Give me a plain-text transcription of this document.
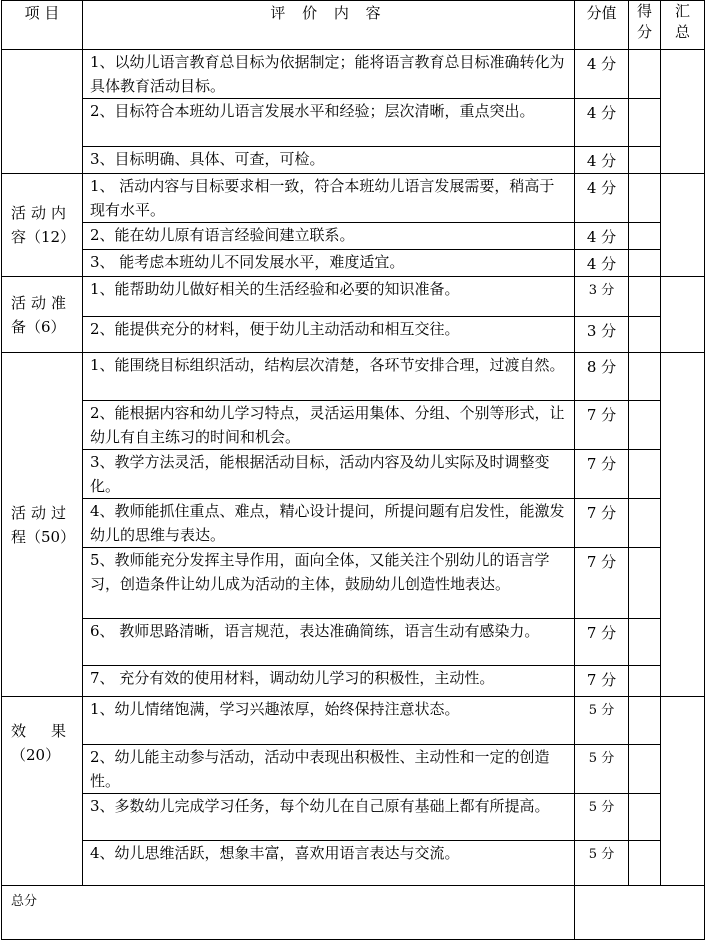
项 目	评 价 内 容	分值	得
分	汇
总

	1、以幼儿语言教育总目标为依据制定；能将语言教育总目标准确转化为具体教育活动目标。	4 分		
	2、目标符合本班幼儿语言发展水平和经验；层次清晰，重点突出。	4 分		
	3、目标明确、具体、可查，可检。	4 分		

活动内
容（12）	1、 活动内容与目标要求相一致，符合本班幼儿语言发展需要，稍高于现有水平。	4 分		
	2、能在幼儿原有语言经验间建立联系。	4 分		
	3、 能考虑本班幼儿不同发展水平，难度适宜。	4 分		

活动准
备（6）	1、能帮助幼儿做好相关的生活经验和必要的知识准备。	3 分		
	2、能提供充分的材料，便于幼儿主动活动和相互交往。	3 分		

活动过
程（50）	1、能围绕目标组织活动，结构层次清楚，各环节安排合理，过渡自然。	8 分		
	2、能根据内容和幼儿学习特点，灵活运用集体、分组、个别等形式，让幼儿有自主练习的时间和机会。	7 分		
	3、教学方法灵活，能根据活动目标，活动内容及幼儿实际及时调整变化。	7 分		
	4、教师能抓住重点、难点，精心设计提问，所提问题有启发性，能激发幼儿的思维与表达。	7 分		
	5、教师能充分发挥主导作用，面向全体，又能关注个别幼儿的语言学习，创造条件让幼儿成为活动的主体，鼓励幼儿创造性地表达。	7 分		
	6、 教师思路清晰，语言规范，表达准确简练，语言生动有感染力。	7 分		
	7、 充分有效的使用材料，调动幼儿学习的积极性，主动性。	7 分		

效　果
（20）	1、幼儿情绪饱满，学习兴趣浓厚，始终保持注意状态。	5 分		
	2、幼儿能主动参与活动，活动中表现出积极性、主动性和一定的创造性。	5 分		
	3、多数幼儿完成学习任务，每个幼儿在自己原有基础上都有所提高。	5 分		
	4、幼儿思维活跃，想象丰富，喜欢用语言表达与交流。	5 分		
总分				
